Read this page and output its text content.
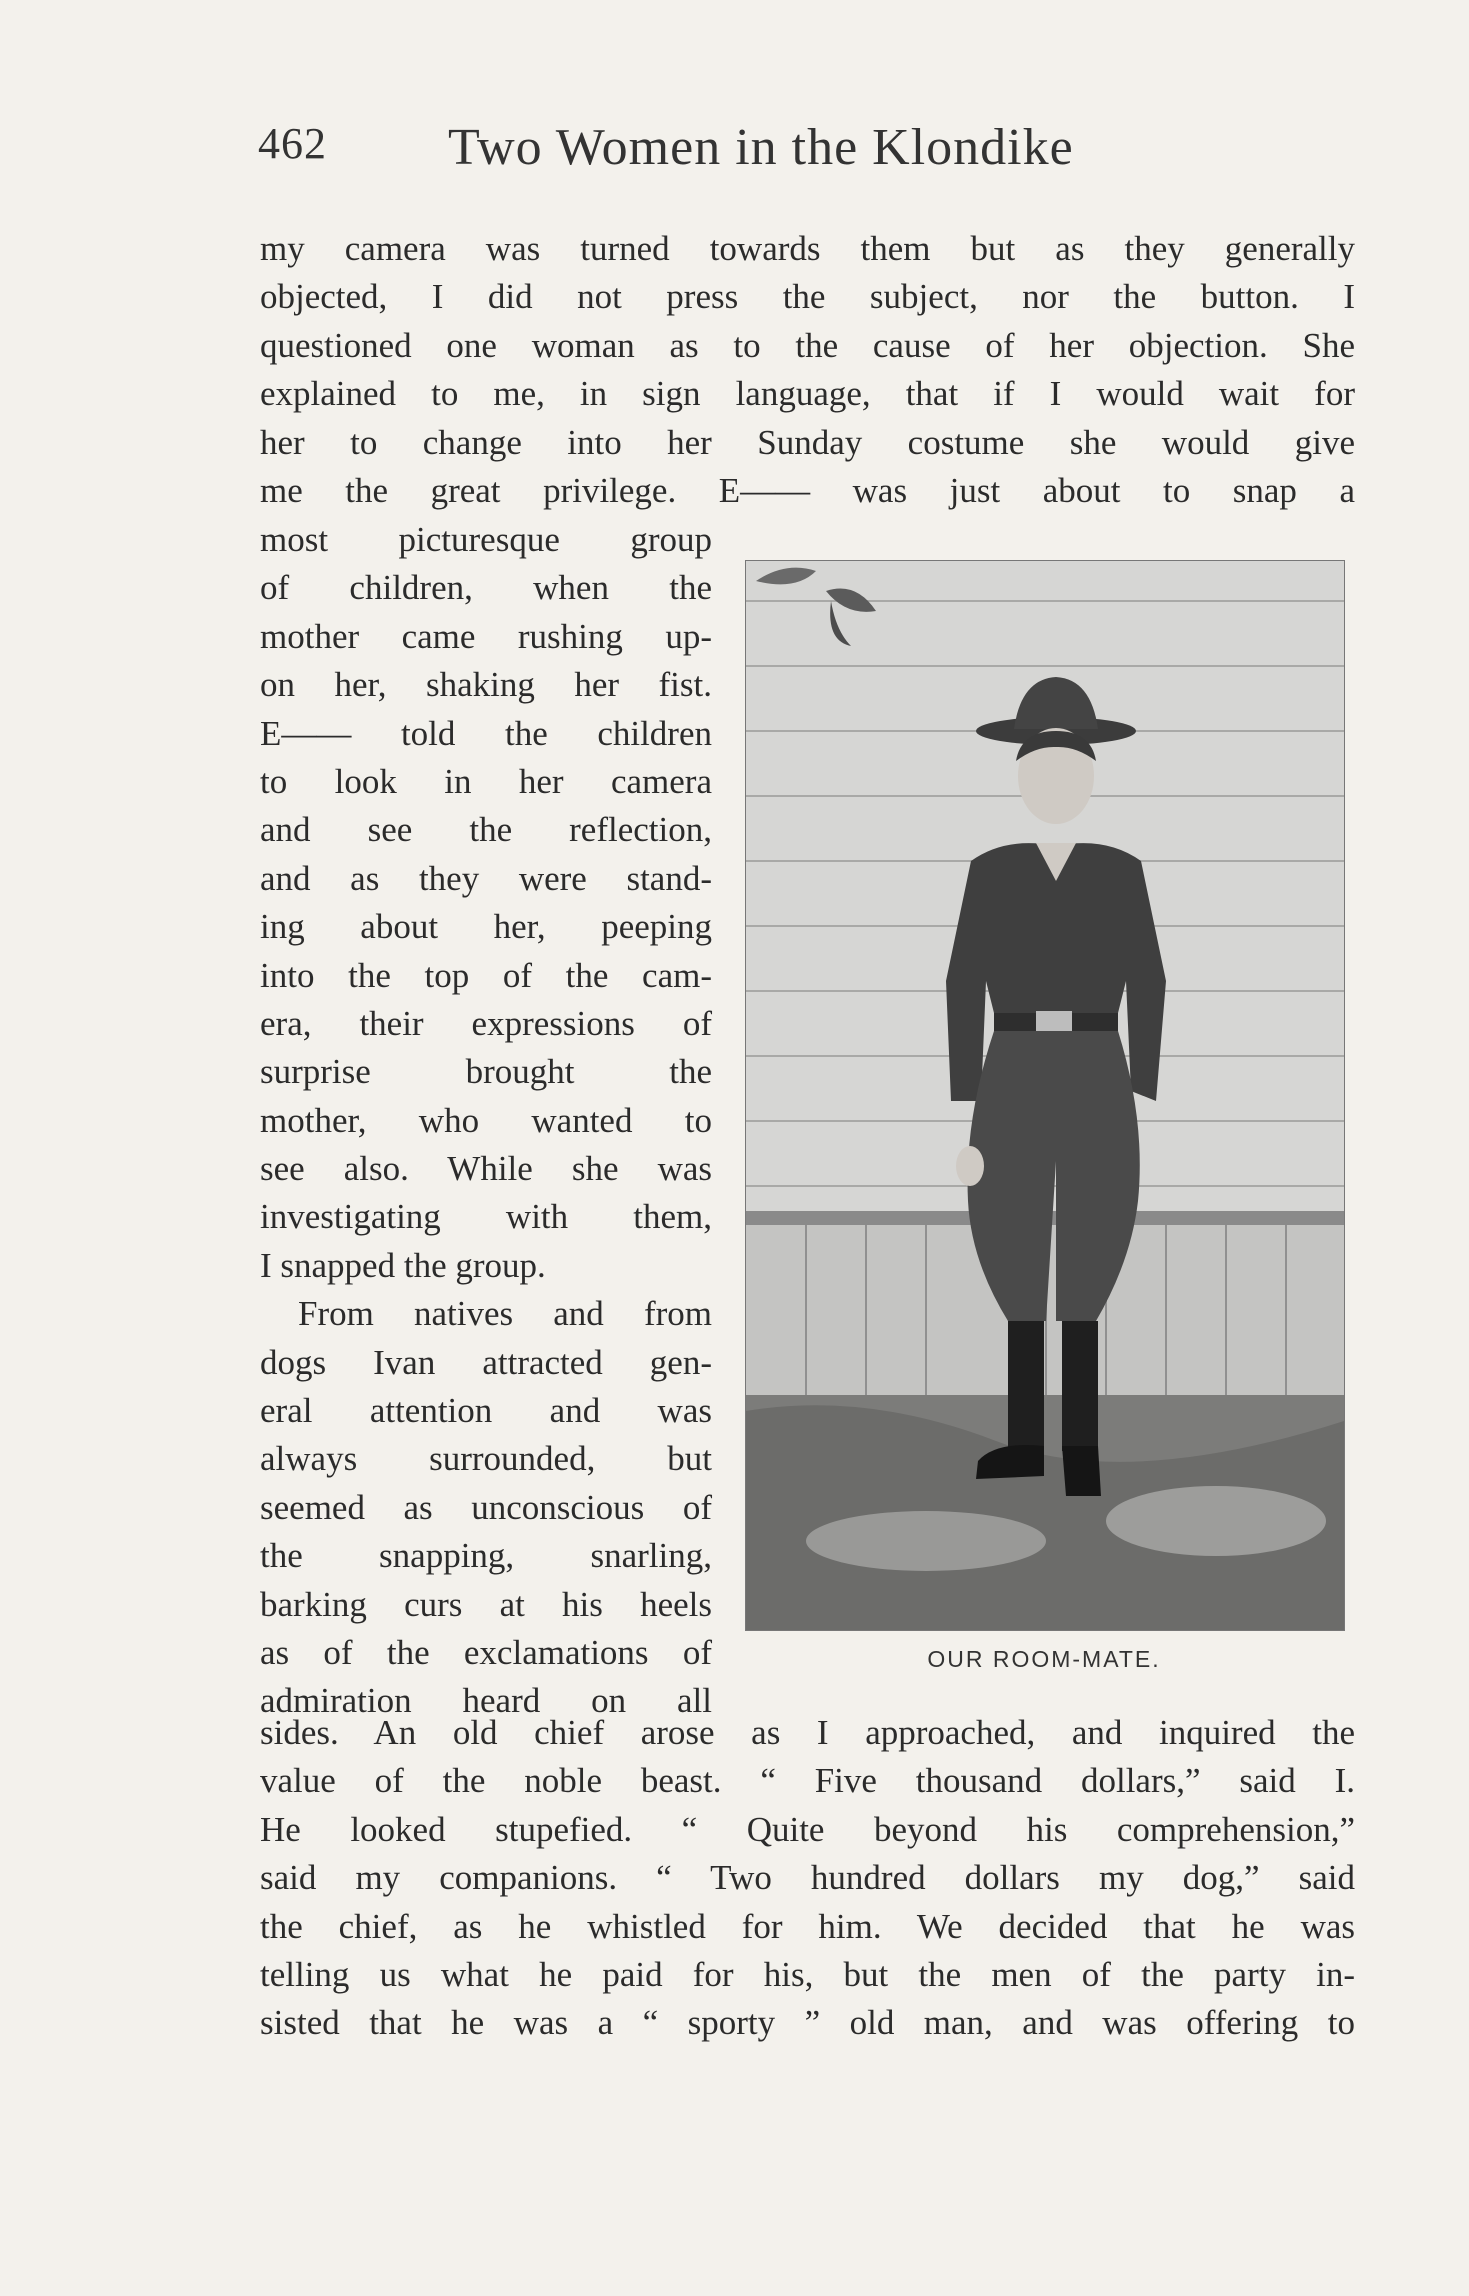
462 Two Women in the Klondike
my camera was turned towards them but as they generally
objected, I did not press the subject, nor the button. I
questioned one woman as to the cause of her objection. She
explained to me, in sign language, that if I would wait for
her to change into her Sunday costume she would give
me the great privilege. E—— was just about to snap a
most picturesque group
of children, when the
mother came rushing up-
on her, shaking her fist.
E—— told the children
to look in her camera
and see the reflection,
and as they were stand-
ing about her, peeping
into the top of the cam-
era, their expressions of
surprise brought the
mother, who wanted to
see also. While she was
investigating with them,
I snapped the group.
From natives and from
dogs Ivan attracted gen-
eral attention and was
always surrounded, but
seemed as unconscious of
the snapping, snarling,
barking curs at his heels
as of the exclamations of
admiration heard on all
OUR ROOM-MATE.
sides. An old chief arose as I approached, and inquired the
value of the noble beast. “ Five thousand dollars,” said I.
He looked stupefied. “ Quite beyond his comprehension,”
said my companions. “ Two hundred dollars my dog,” said
the chief, as he whistled for him. We decided that he was
telling us what he paid for his, but the men of the party in-
sisted that he was a “ sporty ” old man, and was offering to
